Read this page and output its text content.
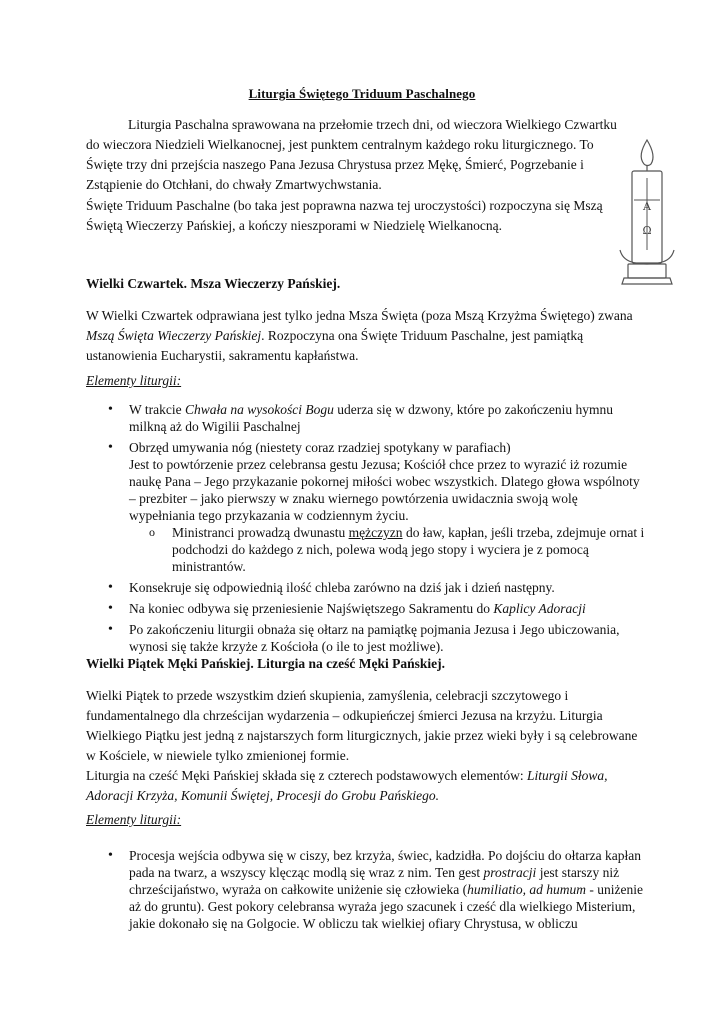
Liturgia Świętego Triduum Paschalnego

Liturgia Paschalna sprawowana na przełomie trzech dni, od wieczora Wielkiego Czwartku do wieczora Niedzieli Wielkanocnej, jest punktem centralnym każdego roku liturgicznego. To Święte trzy dni przejścia naszego Pana Jezusa Chrystusa przez Mękę, Śmierć, Pogrzebanie i Zstąpienie do Otchłani, do chwały Zmartwychwstania.

Święte Triduum Paschalne (bo taka jest poprawna nazwa tej uroczystości) rozpoczyna się Mszą Świętą Wieczerzy Pańskiej, a kończy nieszporami w Niedzielę Wielkanocną.

A
Ω

Wielki Czwartek. Msza Wieczerzy Pańskiej.

W Wielki Czwartek odprawiana jest tylko jedna Msza Święta (poza Mszą Krzyżma Świętego) zwana Mszą Święta Wieczerzy Pańskiej. Rozpoczyna ona Święte Triduum Paschalne, jest pamiątką ustanowienia Eucharystii, sakramentu kapłaństwa.

Elementy liturgii:

• W trakcie Chwała na wysokości Bogu uderza się w dzwony, które po zakończeniu hymnu milkną aż do Wigilii Paschalnej
• Obrzęd umywania nóg (niestety coraz rzadziej spotykany w parafiach)
Jest to powtórzenie przez celebransa gestu Jezusa; Kościół chce przez to wyrazić iż rozumie naukę Pana – Jego przykazanie pokornej miłości wobec wszystkich. Dlatego głowa wspólnoty – prezbiter – jako pierwszy w znaku wiernego powtórzenia uwidacznia swoją wolę wypełniania tego przykazania w codziennym życiu.
o Ministranci prowadzą dwunastu mężczyzn do ław, kapłan, jeśli trzeba, zdejmuje ornat i podchodzi do każdego z nich, polewa wodą jego stopy i wyciera je z pomocą ministrantów.
• Konsekruje się odpowiednią ilość chleba zarówno na dziś jak i dzień następny.
• Na koniec odbywa się przeniesienie Najświętszego Sakramentu do Kaplicy Adoracji
• Po zakończeniu liturgii obnaża się ołtarz na pamiątkę pojmania Jezusa i Jego ubiczowania, wynosi się także krzyże z Kościoła (o ile to jest możliwe).

Wielki Piątek Męki Pańskiej. Liturgia na cześć Męki Pańskiej.

Wielki Piątek to przede wszystkim dzień skupienia, zamyślenia, celebracji szczytowego i fundamentalnego dla chrześcijan wydarzenia – odkupieńczej śmierci Jezusa na krzyżu. Liturgia Wielkiego Piątku jest jedną z najstarszych form liturgicznych, jakie przez wieki były i są celebrowane w Kościele, w niewiele tylko zmienionej formie.

Liturgia na cześć Męki Pańskiej składa się z czterech podstawowych elementów: Liturgii Słowa, Adoracji Krzyża, Komunii Świętej, Procesji do Grobu Pańskiego.

Elementy liturgii:

• Procesja wejścia odbywa się w ciszy, bez krzyża, świec, kadzidła. Po dojściu do ołtarza kapłan pada na twarz, a wszyscy klęcząc modlą się wraz z nim. Ten gest prostracji jest starszy niż chrześcijaństwo, wyraża on całkowite uniżenie się człowieka (humiliatio, ad humum - uniżenie aż do gruntu). Gest pokory celebransa wyraża jego szacunek i cześć dla wielkiego Misterium, jakie dokonało się na Golgocie. W obliczu tak wielkiej ofiary Chrystusa, w obliczu
